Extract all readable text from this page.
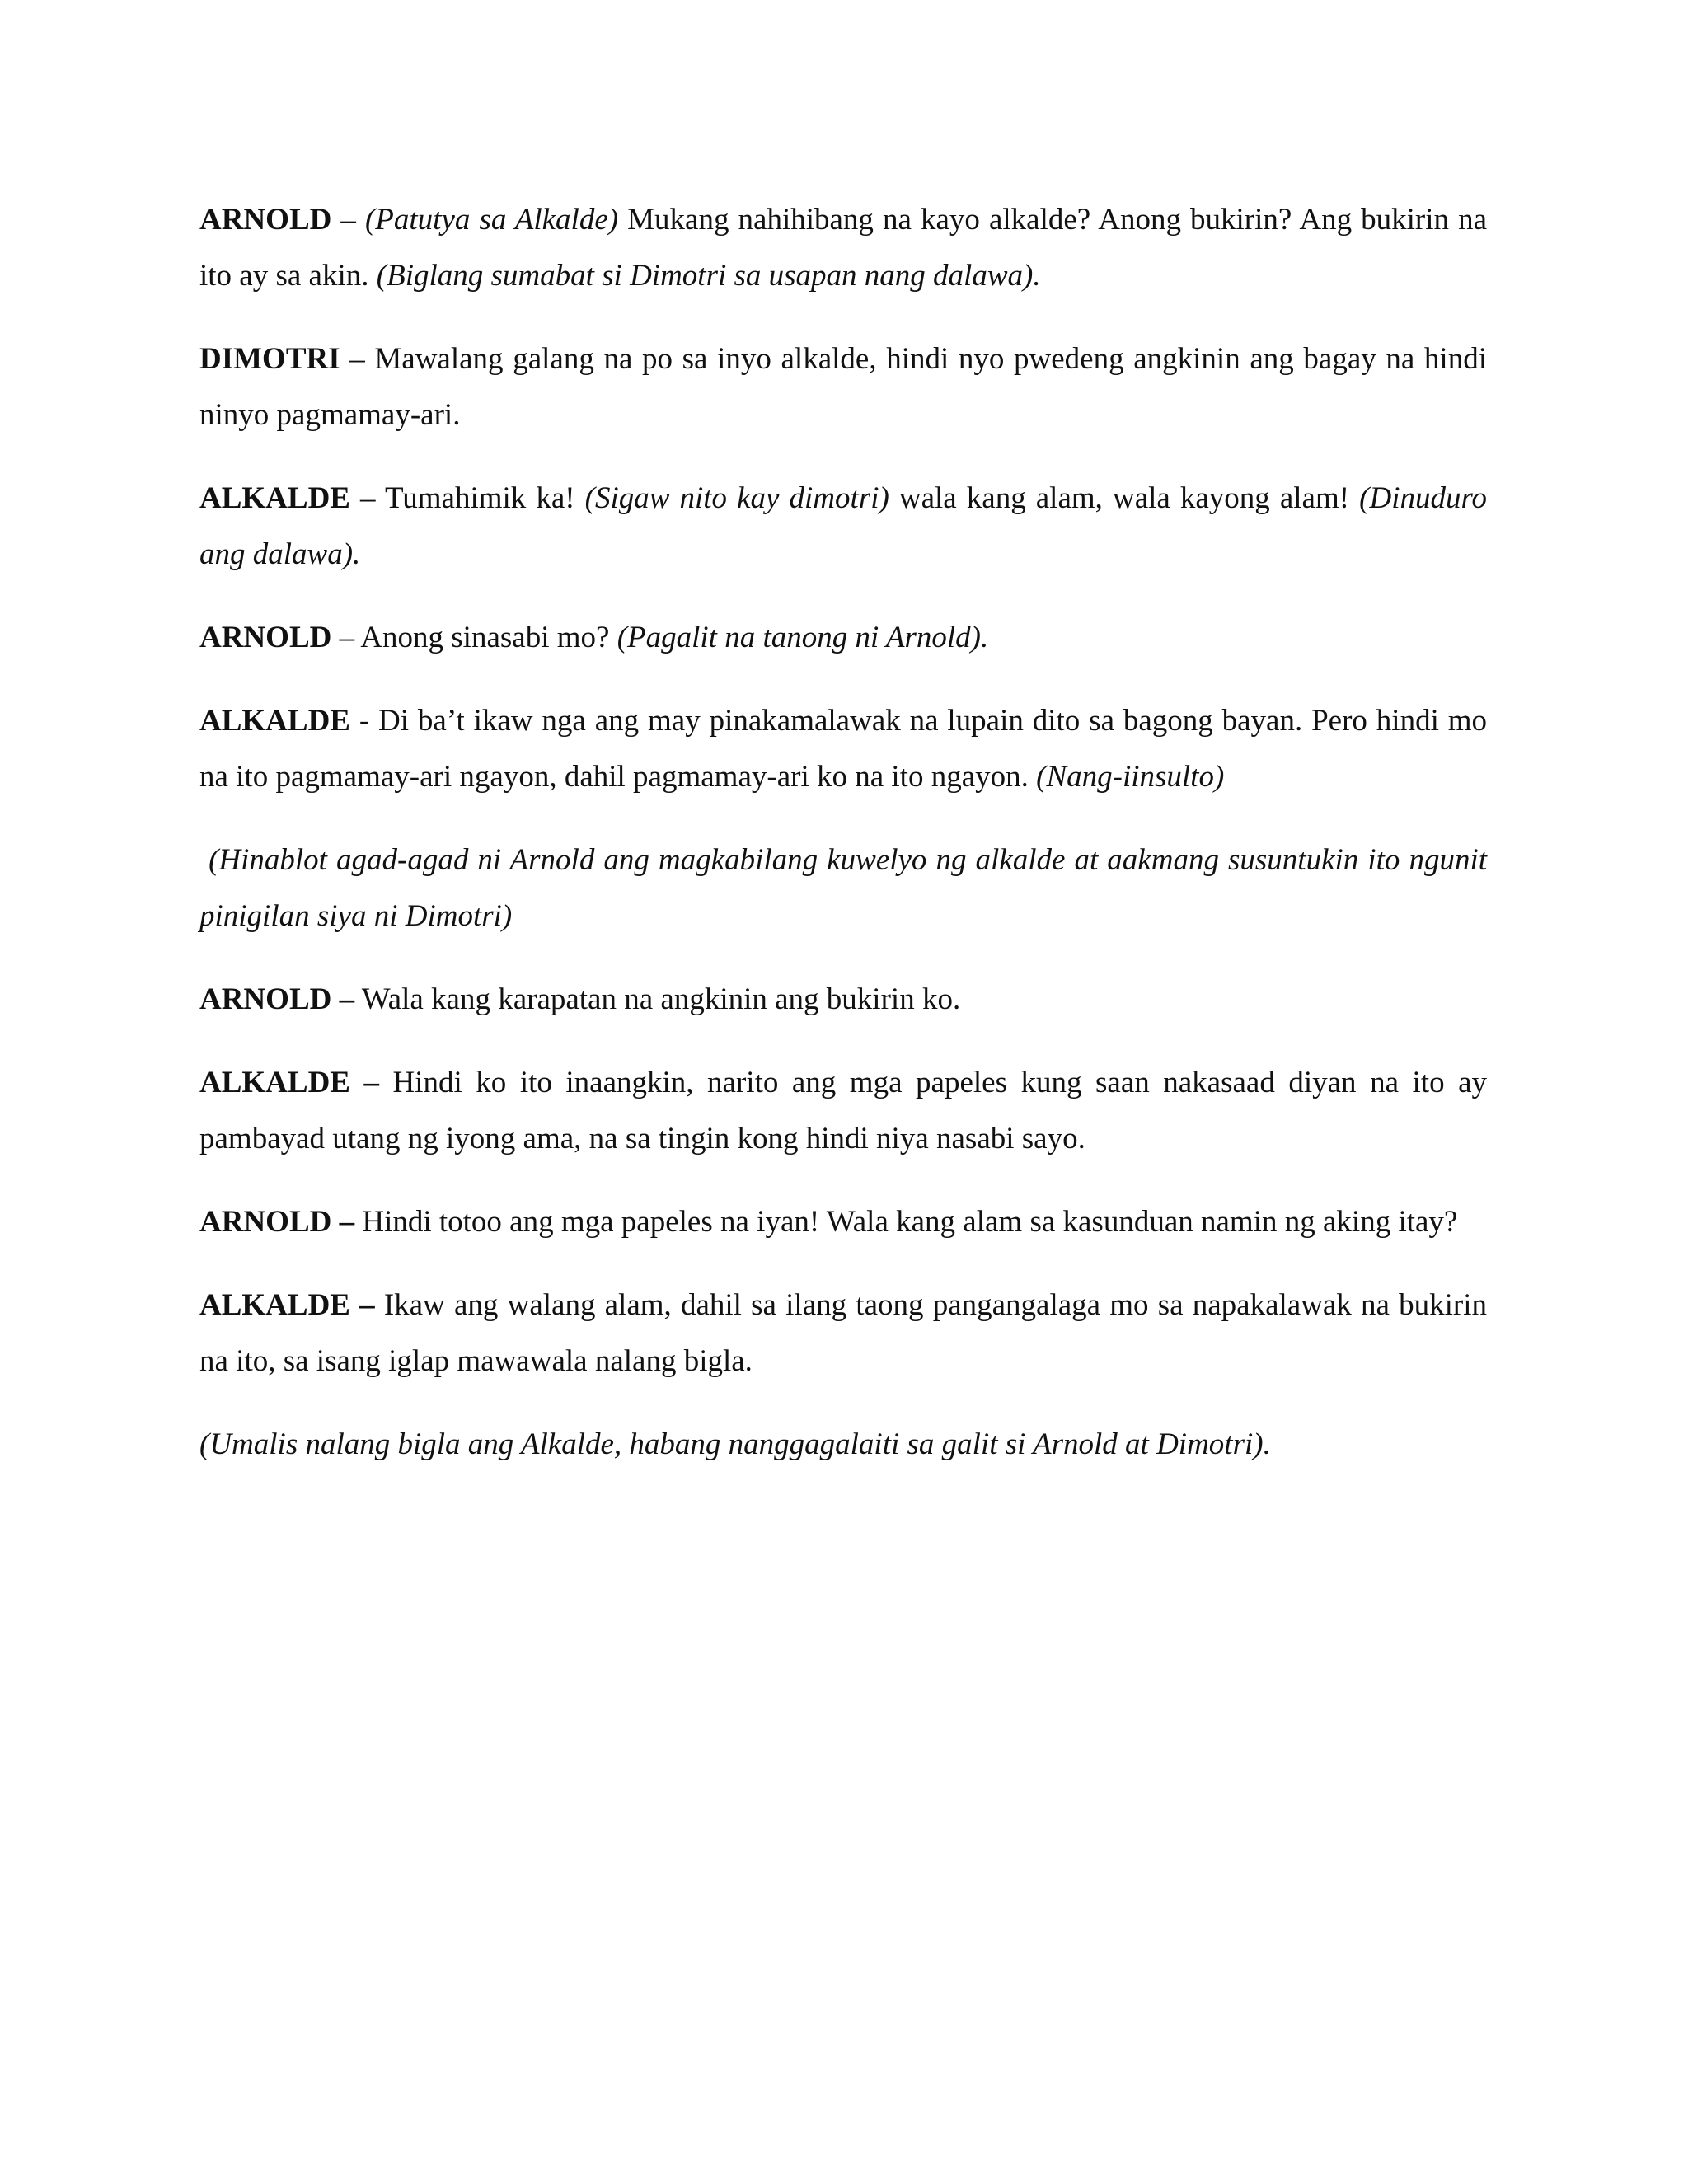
ARNOLD – (Patutya sa Alkalde) Mukang nahihibang na kayo alkalde? Anong bukirin? Ang bukirin na ito ay sa akin. (Biglang sumabat si Dimotri sa usapan nang dalawa).

DIMOTRI – Mawalang galang na po sa inyo alkalde, hindi nyo pwedeng angkinin ang bagay na hindi ninyo pagmamay-ari.

ALKALDE – Tumahimik ka! (Sigaw nito kay dimotri) wala kang alam, wala kayong alam! (Dinuduro ang dalawa).

ARNOLD – Anong sinasabi mo? (Pagalit na tanong ni Arnold).

ALKALDE - Di ba’t ikaw nga ang may pinakamalawak na lupain dito sa bagong bayan. Pero hindi mo na ito pagmamay-ari ngayon, dahil pagmamay-ari ko na ito ngayon. (Nang-iinsulto)

(Hinablot agad-agad ni Arnold ang magkabilang kuwelyo ng alkalde at aakmang susuntukin ito ngunit pinigilan siya ni Dimotri)

ARNOLD – Wala kang karapatan na angkinin ang bukirin ko.

ALKALDE – Hindi ko ito inaangkin, narito ang mga papeles kung saan nakasaad diyan na ito ay pambayad utang ng iyong ama, na sa tingin kong hindi niya nasabi sayo.

ARNOLD – Hindi totoo ang mga papeles na iyan! Wala kang alam sa kasunduan namin ng aking itay?

ALKALDE – Ikaw ang walang alam, dahil sa ilang taong pangangalaga mo sa napakalawak na bukirin na ito, sa isang iglap mawawala nalang bigla.

(Umalis nalang bigla ang Alkalde, habang nanggagalaiti sa galit si Arnold at Dimotri).
